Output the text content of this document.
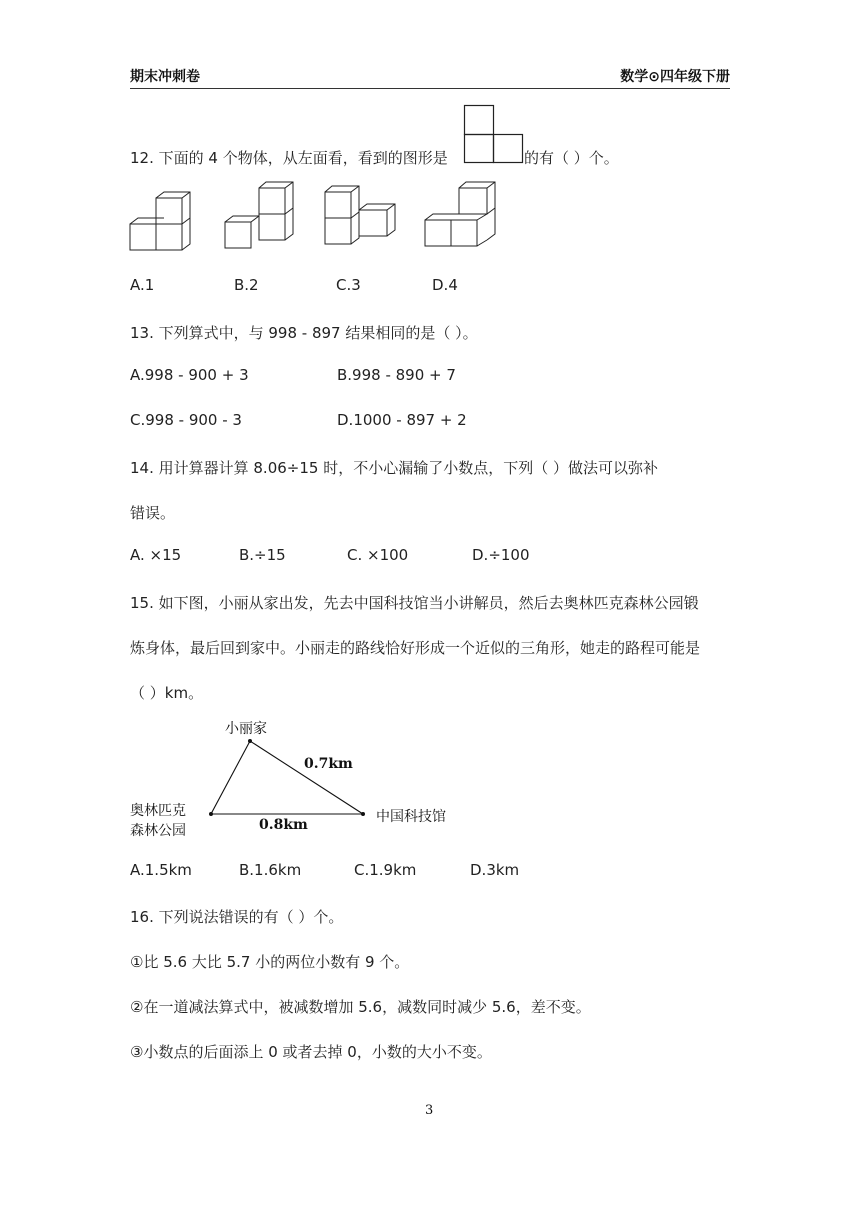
期末冲刺卷	数学⊙四年级下册
12. 下面的 4 个物体，从左面看，看到的图形是	的有（ ）个。
A.1	B.2	C.3	D.4
13. 下列算式中，与 998 - 897 结果相同的是（ ）。
A.998 - 900 + 3	B.998 - 890 + 7
C.998 - 900 - 3	D.1000 - 897 + 2
14. 用计算器计算 8.06÷15 时，不小心漏输了小数点，下列（ ）做法可以弥补
错误。
A. ×15	B.÷15	C. ×100	D.÷100
15. 如下图，小丽从家出发，先去中国科技馆当小讲解员，然后去奥林匹克森林公园锻
炼身体，最后回到家中。小丽走的路线恰好形成一个近似的三角形，她走的路程可能是
（ ）km。
小丽家
0.7km
奥林匹克
森林公园	0.8km	中国科技馆
A.1.5km	B.1.6km	C.1.9km	D.3km
16. 下列说法错误的有（ ）个。
①比 5.6 大比 5.7 小的两位小数有 9 个。
②在一道减法算式中，被减数增加 5.6，减数同时减少 5.6，差不变。
③小数点的后面添上 0 或者去掉 0，小数的大小不变。
3
